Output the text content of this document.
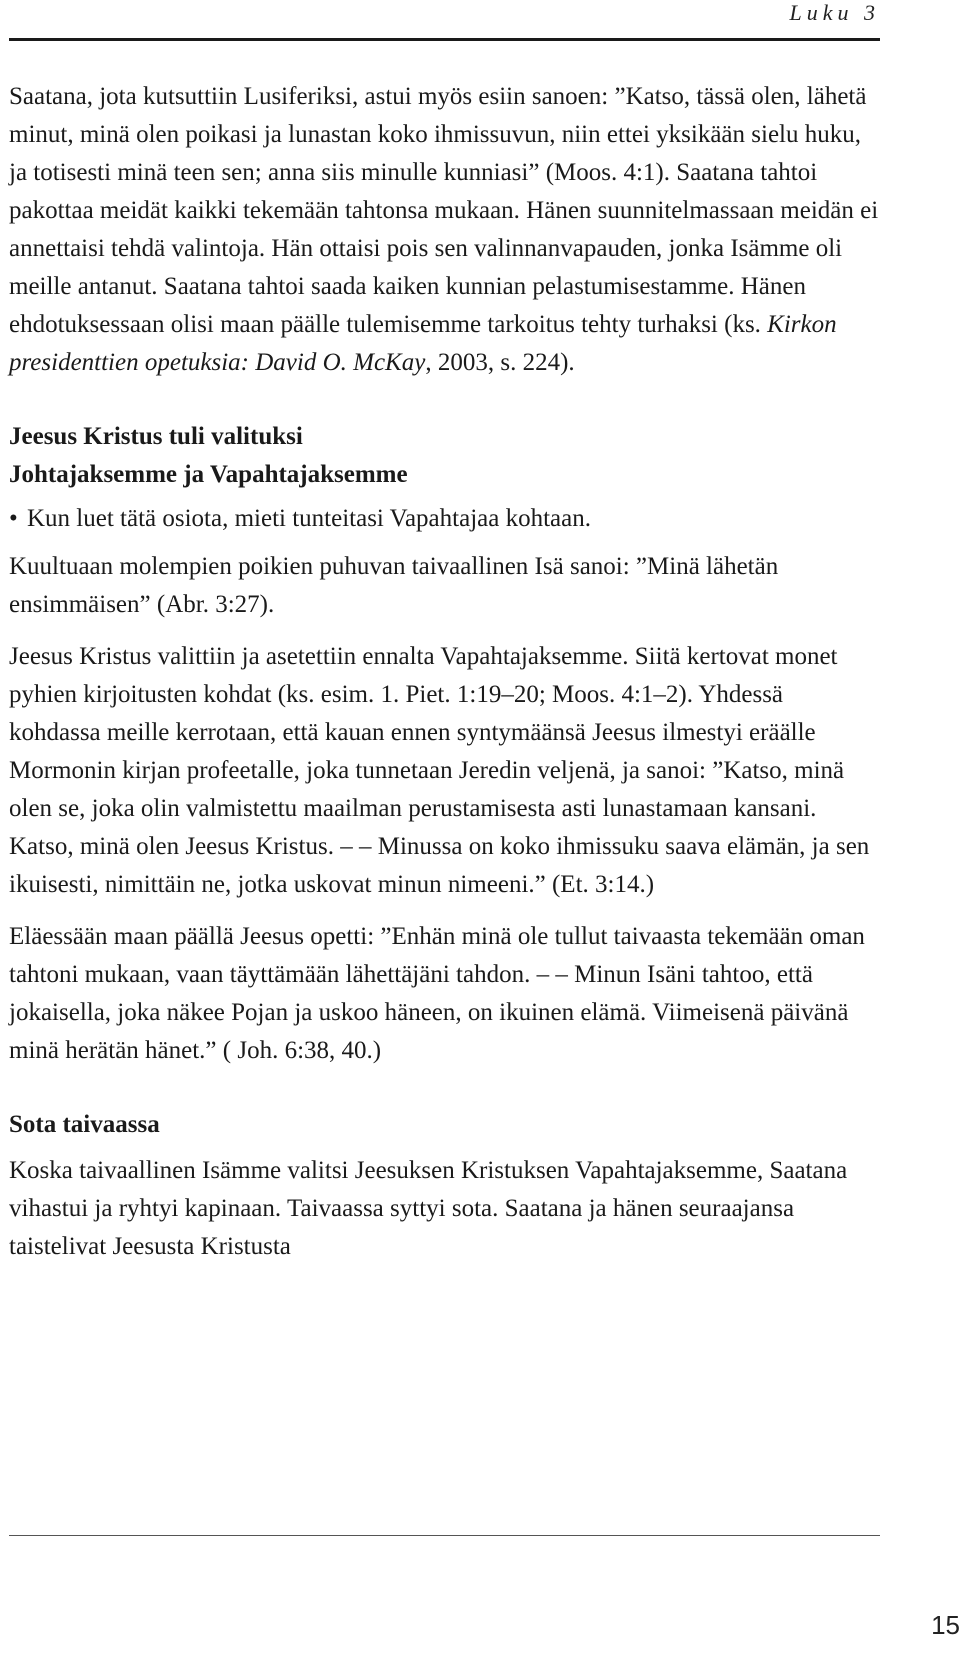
Luku 3

Saatana, jota kutsuttiin Lusiferiksi, astui myös esiin sanoen: ”Katso, tässä olen, lähetä minut, minä olen poikasi ja lunastan koko ihmissuvun, niin ettei yksikään sielu huku, ja totisesti minä teen sen; anna siis minulle kunniasi” (Moos. 4:1). Saatana tahtoi pakottaa meidät kaikki tekemään tahtonsa mukaan. Hänen suunnitelmassaan meidän ei annettaisi tehdä valintoja. Hän ottaisi pois sen valinnanvapauden, jonka Isämme oli meille antanut. Saatana tahtoi saada kaiken kunnian pelastumisestamme. Hänen ehdotuksessaan olisi maan päälle tulemisemme tarkoitus tehty turhaksi (ks. Kirkon presidenttien opetuksia: David O. McKay, 2003, s. 224).

Jeesus Kristus tuli valituksi
Johtajaksemme ja Vapahtajaksemme
• Kun luet tätä osiota, mieti tunteitasi Vapahtajaa kohtaan.

Kuultuaan molempien poikien puhuvan taivaallinen Isä sanoi: ”Minä lähetän ensimmäisen” (Abr. 3:27).

Jeesus Kristus valittiin ja asetettiin ennalta Vapahtajaksemme. Siitä kertovat monet pyhien kirjoitusten kohdat (ks. esim. 1. Piet. 1:19–20; Moos. 4:1–2). Yhdessä kohdassa meille kerrotaan, että kauan ennen syntymäänsä Jeesus ilmestyi eräälle Mormonin kirjan profeetalle, joka tunnetaan Jeredin veljenä, ja sanoi: ”Katso, minä olen se, joka olin valmistettu maailman perustamisesta asti lunastamaan kansani. Katso, minä olen Jeesus Kristus. – – Minussa on koko ihmissuku saava elämän, ja sen ikuisesti, nimittäin ne, jotka uskovat minun nimeeni.” (Et. 3:14.)

Eläessään maan päällä Jeesus opetti: ”Enhän minä ole tullut taivaasta tekemään oman tahtoni mukaan, vaan täyttämään lähettäjäni tahdon. – – Minun Isäni tahtoo, että jokaisella, joka näkee Pojan ja uskoo häneen, on ikuinen elämä. Viimeisenä päivänä minä herätän hänet.” ( Joh. 6:38, 40.)

Sota taivaassa

Koska taivaallinen Isämme valitsi Jeesuksen Kristuksen Vapahtajaksemme, Saatana vihastui ja ryhtyi kapinaan. Taivaassa syttyi sota. Saatana ja hänen seuraajansa taistelivat Jeesusta Kristusta

15
